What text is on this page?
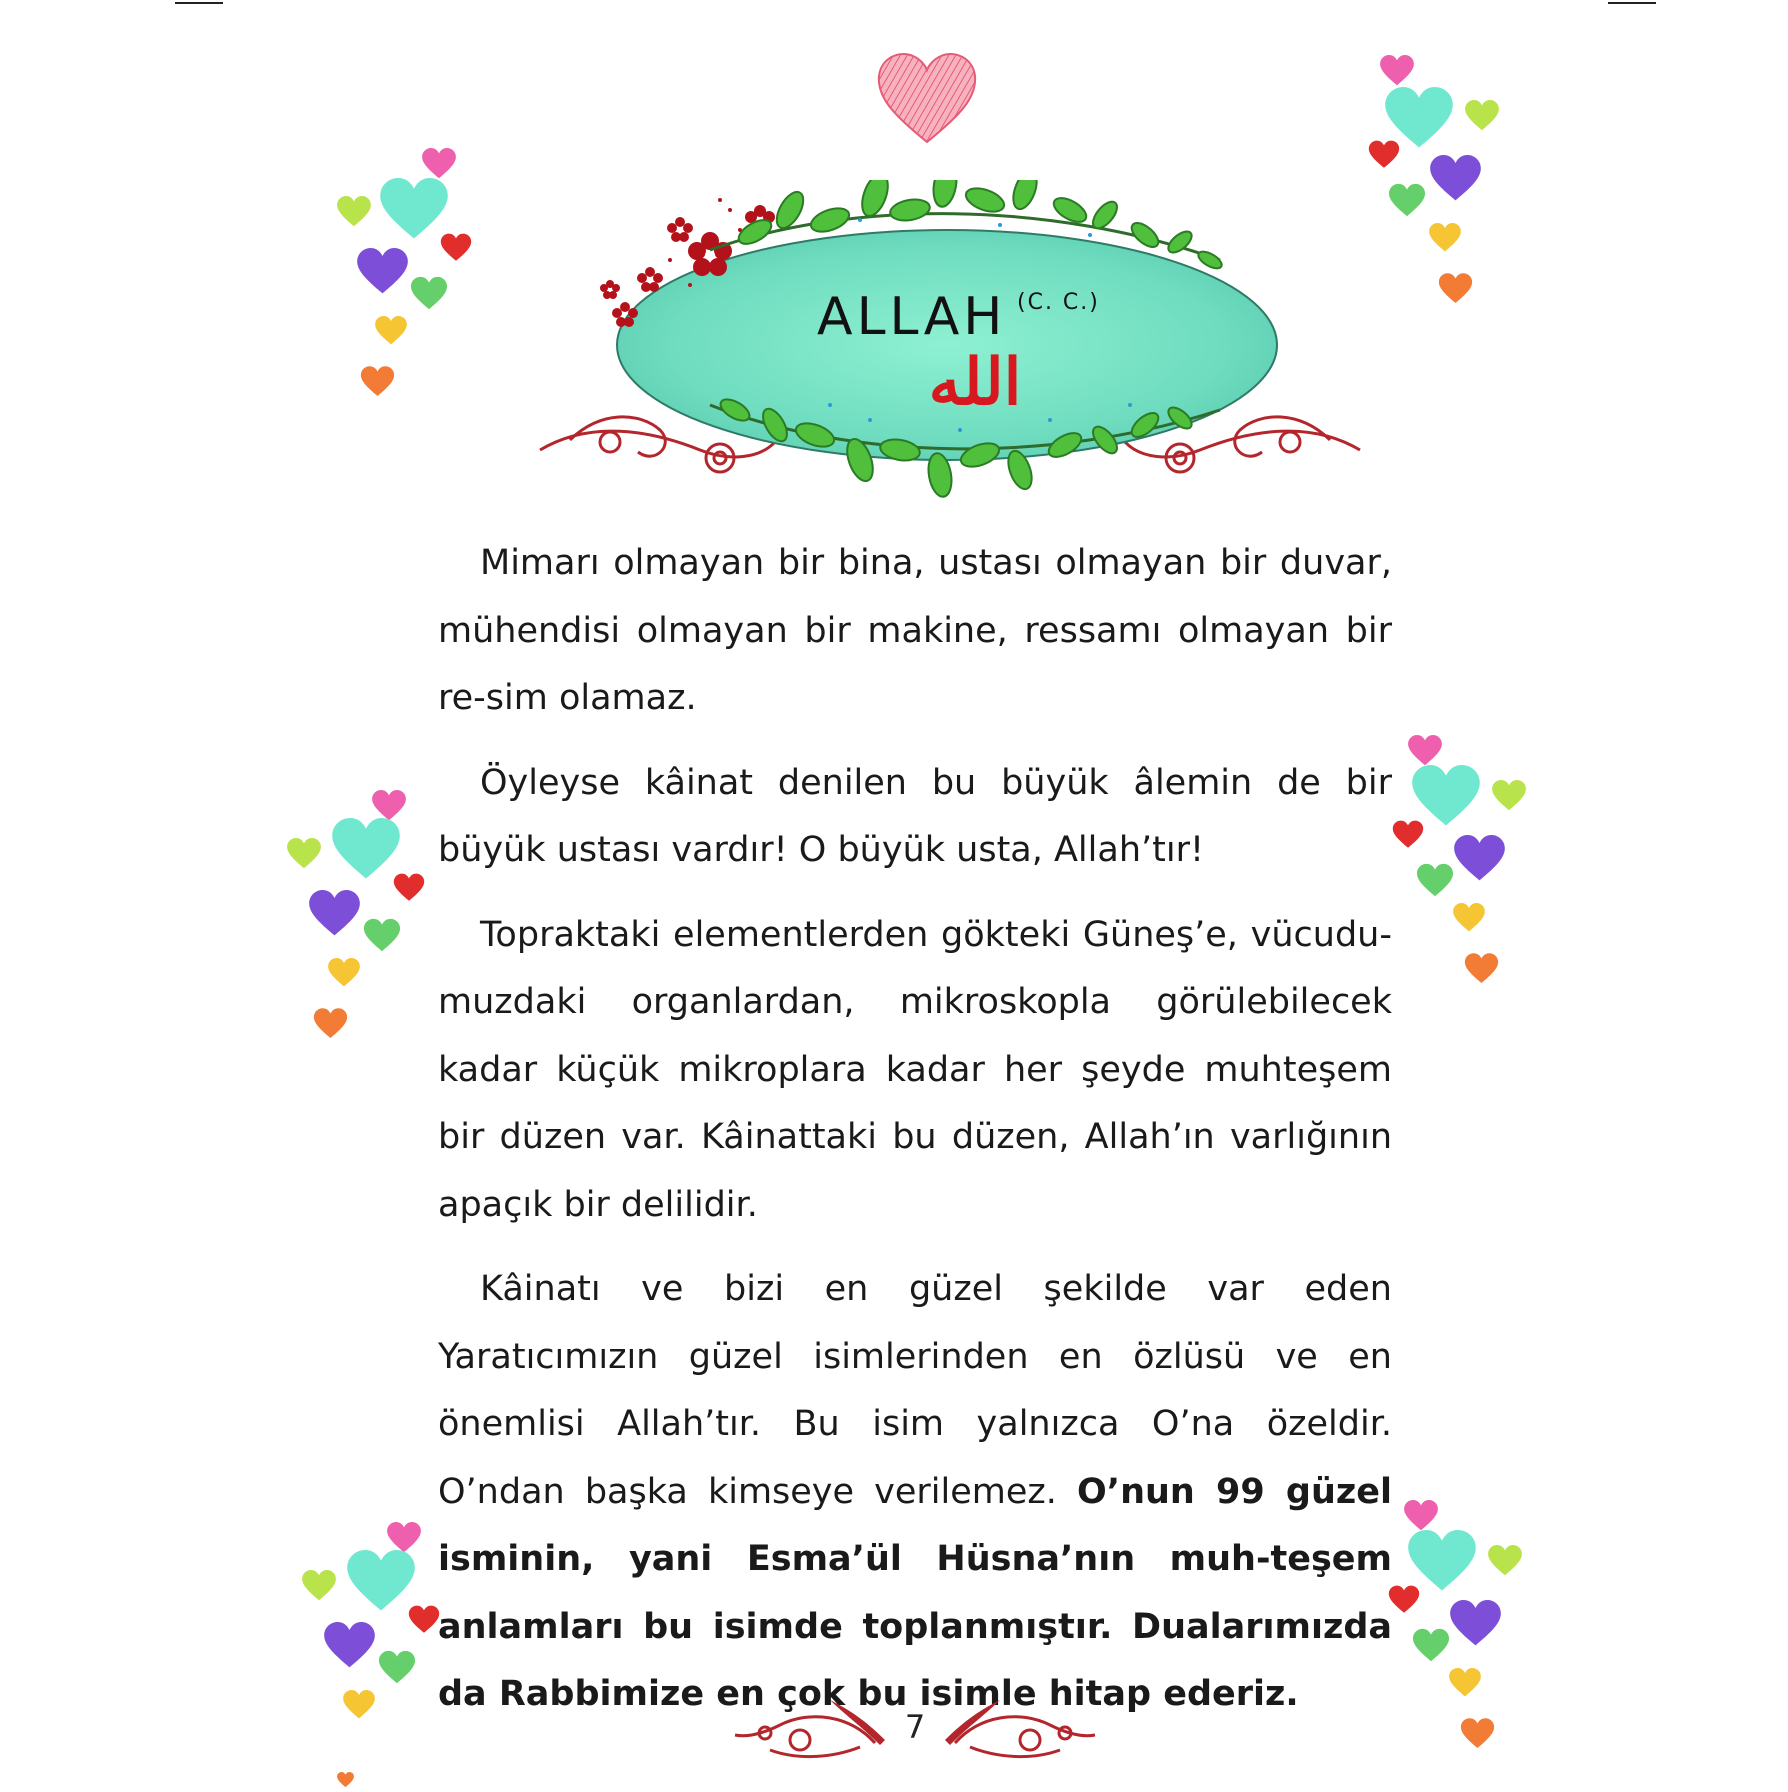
ALLAH (C. C.)
الله

Mimarı olmayan bir bina, ustası olmayan bir duvar, mühendisi olmayan bir makine, ressamı olmayan bir re-sim olamaz.

Öyleyse kâinat denilen bu büyük âlemin de bir büyük ustası vardır! O büyük usta, Allah’tır!

Topraktaki elementlerden gökteki Güneş’e, vücudu-muzdaki organlardan, mikroskopla görülebilecek kadar küçük mikroplara kadar her şeyde muhteşem bir düzen var. Kâinattaki bu düzen, Allah’ın varlığının apaçık bir delilidir.

Kâinatı ve bizi en güzel şekilde var eden Yaratıcımızın güzel isimlerinden en özlüsü ve en önemlisi Allah’tır. Bu isim yalnızca O’na özeldir. O’ndan başka kimseye verilemez. O’nun 99 güzel isminin, yani Esma’ül Hüsna’nın muh-teşem anlamları bu isimde toplanmıştır. Dualarımızda da Rabbimize en çok bu isimle hitap ederiz.

7
